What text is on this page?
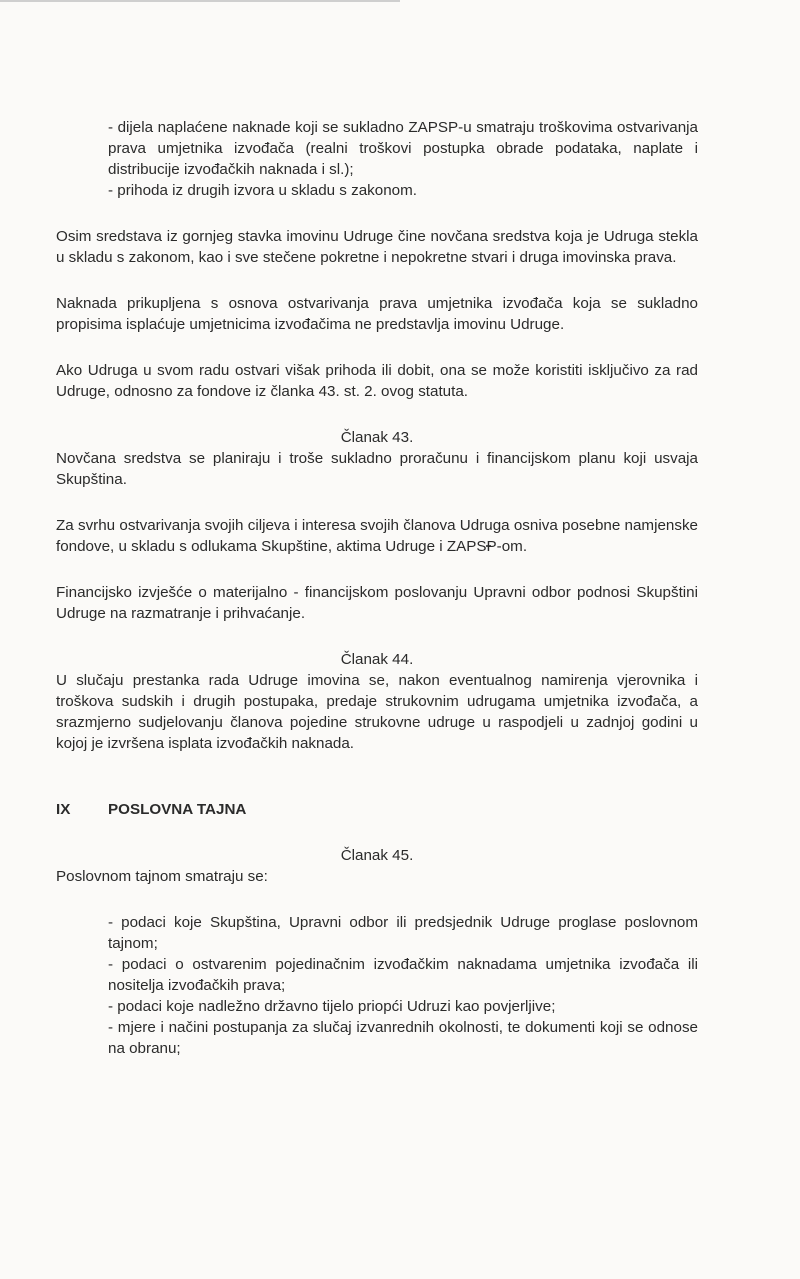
- dijela naplaćene naknade koji se sukladno ZAPSP-u smatraju troškovima ostvarivanja prava umjetnika izvođača (realni troškovi postupka obrade podataka, naplate i distribucije izvođačkih naknada i sl.);

- prihoda iz drugih izvora u skladu s zakonom.

Osim sredstava iz gornjeg stavka imovinu Udruge čine novčana sredstva koja je Udruga stekla u skladu s zakonom, kao i sve stečene pokretne i nepokretne stvari i druga imovinska prava.

Naknada prikupljena s osnova ostvarivanja prava umjetnika izvođača koja se sukladno propisima isplaćuje umjetnicima izvođačima ne predstavlja imovinu Udruge.

Ako Udruga u svom radu ostvari višak prihoda ili dobit, ona se može koristiti isključivo za rad Udruge, odnosno za fondove iz članka 43. st. 2. ovog statuta.

Članak 43.

Novčana sredstva se planiraju i troše sukladno proračunu i financijskom planu koji usvaja Skupština.

Za svrhu ostvarivanja svojih ciljeva i interesa svojih članova Udruga osniva posebne namjenske fondove, u skladu s odlukama Skupštine, aktima Udruge i ZAPSP-om.

Financijsko izvješće o materijalno - financijskom poslovanju Upravni odbor podnosi Skupštini Udruge na razmatranje i prihvaćanje.

Članak 44.

U slučaju prestanka rada Udruge imovina se, nakon eventualnog namirenja vjerovnika i troškova sudskih i drugih postupaka, predaje strukovnim udrugama umjetnika izvođača, a srazmjerno sudjelovanju članova pojedine strukovne udruge u raspodjeli u zadnjoj godini u kojoj je izvršena isplata izvođačkih naknada.

IX	POSLOVNA TAJNA

Članak 45.

Poslovnom tajnom smatraju se:

- podaci koje Skupština, Upravni odbor ili predsjednik Udruge proglase poslovnom tajnom;

- podaci o ostvarenim pojedinačnim izvođačkim naknadama umjetnika izvođača ili nositelja izvođačkih prava;

- podaci koje nadležno državno tijelo priopći Udruzi kao povjerljive;

- mjere i načini postupanja za slučaj izvanrednih okolnosti, te dokumenti koji se odnose na obranu;
